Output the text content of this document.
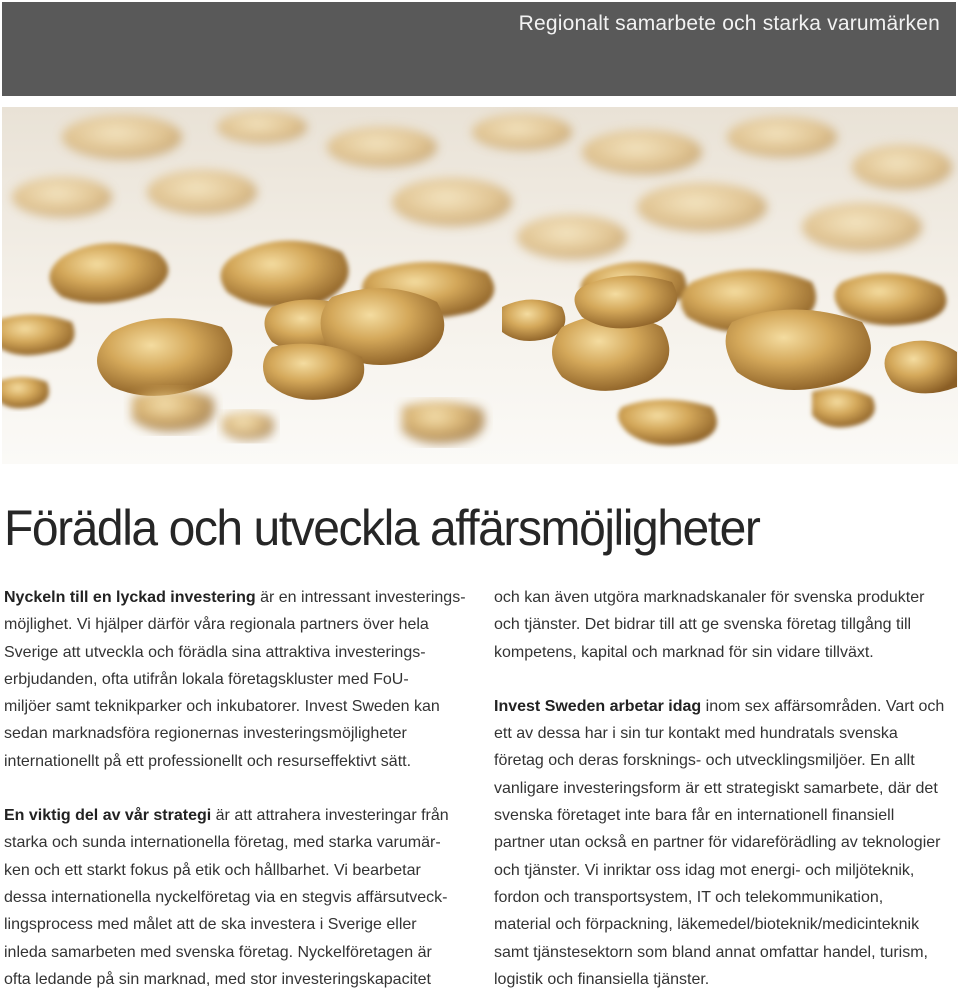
Regionalt samarbete och starka varumärken
Förädla och utveckla affärsmöjligheter

Nyckeln till en lyckad investering är en intressant investerings-
möjlighet. Vi hjälper därför våra regionala partners över hela
Sverige att utveckla och förädla sina attraktiva investerings-
erbjudanden, ofta utifrån lokala företagskluster med FoU-
miljöer samt teknikparker och inkubatorer. Invest Sweden kan
sedan marknadsföra regionernas investeringsmöjligheter
internationellt på ett professionellt och resurseffektivt sätt.

En viktig del av vår strategi är att attrahera investeringar från
starka och sunda internationella företag, med starka varumär-
ken och ett starkt fokus på etik och hållbarhet. Vi bearbetar
dessa internationella nyckelföretag via en stegvis affärsutveck-
lingsprocess med målet att de ska investera i Sverige eller
inleda samarbeten med svenska företag. Nyckelföretagen är
ofta ledande på sin marknad, med stor investeringskapacitet

och kan även utgöra marknadskanaler för svenska produkter
och tjänster. Det bidrar till att ge svenska företag tillgång till
kompetens, kapital och marknad för sin vidare tillväxt.

Invest Sweden arbetar idag inom sex affärsområden. Vart och
ett av dessa har i sin tur kontakt med hundratals svenska
företag och deras forsknings- och utvecklingsmiljöer. En allt
vanligare investeringsform är ett strategiskt samarbete, där det
svenska företaget inte bara får en internationell finansiell
partner utan också en partner för vidareförädling av teknologier
och tjänster. Vi inriktar oss idag mot energi- och miljöteknik,
fordon och transportsystem, IT och telekommunikation,
material och förpackning, läkemedel/bioteknik/medicinteknik
samt tjänstesektorn som bland annat omfattar handel, turism,
logistik och finansiella tjänster.
